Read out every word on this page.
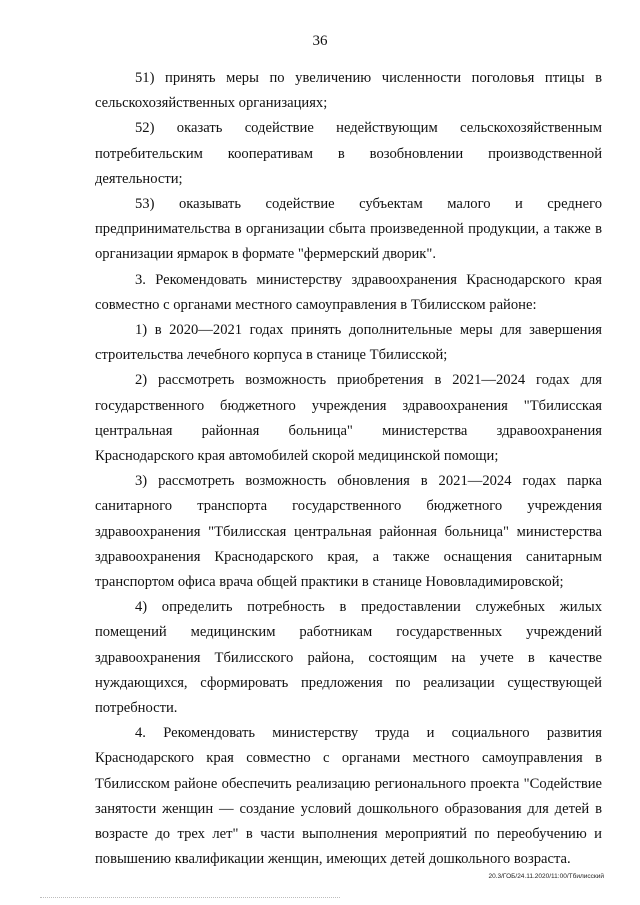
36

51) принять меры по увеличению численности поголовья птицы в сельскохозяйственных организациях;

52) оказать содействие недействующим сельскохозяйственным потребительским кооперативам в возобновлении производственной деятельности;

53) оказывать содействие субъектам малого и среднего предпринимательства в организации сбыта произведенной продукции, а также в организации ярмарок в формате "фермерский дворик".

3. Рекомендовать министерству здравоохранения Краснодарского края совместно с органами местного самоуправления в Тбилисском районе:

1) в 2020—2021 годах принять дополнительные меры для завершения строительства лечебного корпуса в станице Тбилисской;

2) рассмотреть возможность приобретения в 2021—2024 годах для государственного бюджетного учреждения здравоохранения "Тбилисская центральная районная больница" министерства здравоохранения Краснодарского края автомобилей скорой медицинской помощи;

3) рассмотреть возможность обновления в 2021—2024 годах парка санитарного транспорта государственного бюджетного учреждения здравоохранения "Тбилисская центральная районная больница" министерства здравоохранения Краснодарского края, а также оснащения санитарным транспортом офиса врача общей практики в станице Нововладимировской;

4) определить потребность в предоставлении служебных жилых помещений медицинским работникам государственных учреждений здравоохранения Тбилисского района, состоящим на учете в качестве нуждающихся, сформировать предложения по реализации существующей потребности.

4. Рекомендовать министерству труда и социального развития Краснодарского края совместно с органами местного самоуправления в Тбилисском районе обеспечить реализацию регионального проекта "Содействие занятости женщин — создание условий дошкольного образования для детей в возрасте до трех лет" в части выполнения мероприятий по переобучению и повышению квалификации женщин, имеющих детей дошкольного возраста.

20.3/ГОБ/24.11.2020/11:00/Тбилисский
